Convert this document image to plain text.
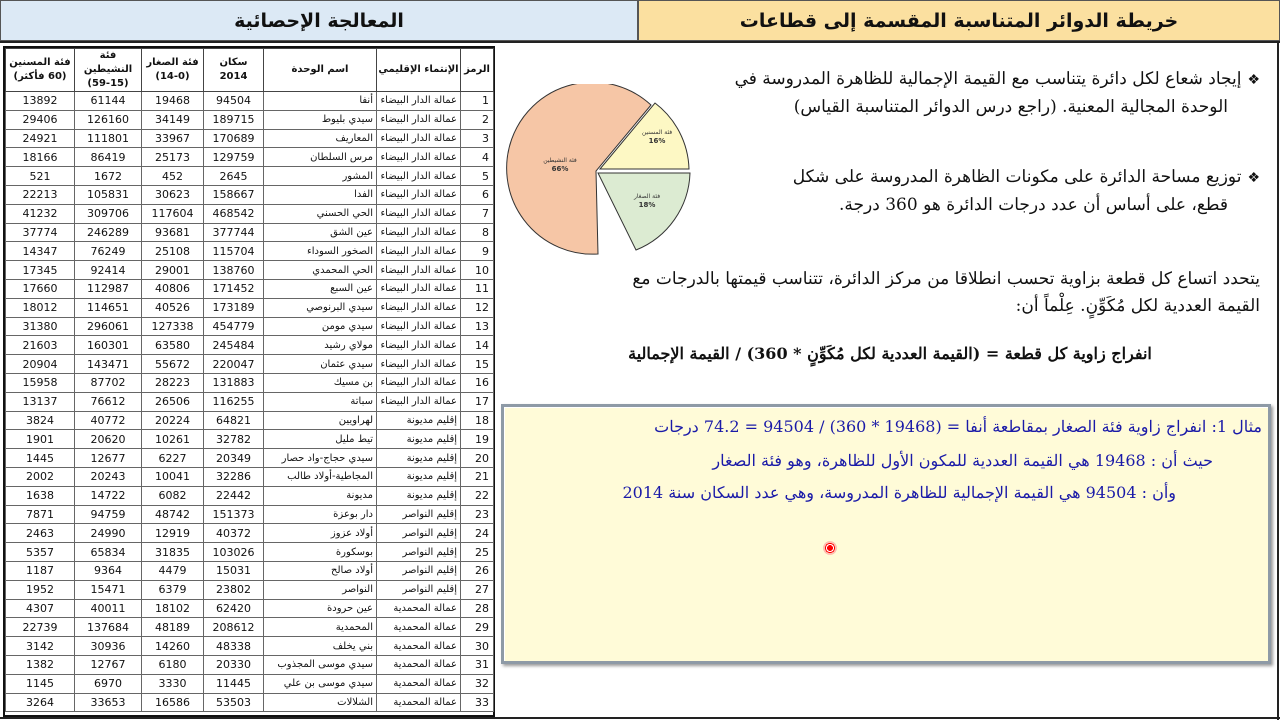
المعالجة الإحصائية	خريطة الدوائر المتناسبة المقسمة إلى قطاعات
الرمز	الإنتماء الإقليمي	اسم الوحدة	سكان 2014	فئة الصغار (0-14)	فئة النشيطين (15-59)	فئة المسنين (60 فأكثر)
1	عمالة الدار البيضاء	أنفا	94504	19468	61144	13892
2	عمالة الدار البيضاء	سيدي بليوط	189715	34149	126160	29406
3	عمالة الدار البيضاء	المعاريف	170689	33967	111801	24921
4	عمالة الدار البيضاء	مرس السلطان	129759	25173	86419	18166
5	عمالة الدار البيضاء	المشور	2645	452	1672	521
6	عمالة الدار البيضاء	الفدا	158667	30623	105831	22213
7	عمالة الدار البيضاء	الحي الحسني	468542	117604	309706	41232
8	عمالة الدار البيضاء	عين الشق	377744	93681	246289	37774
9	عمالة الدار البيضاء	الصخور السوداء	115704	25108	76249	14347
10	عمالة الدار البيضاء	الحي المحمدي	138760	29001	92414	17345
11	عمالة الدار البيضاء	عين السبع	171452	40806	112987	17660
12	عمالة الدار البيضاء	سيدي البرنوصي	173189	40526	114651	18012
13	عمالة الدار البيضاء	سيدي مومن	454779	127338	296061	31380
14	عمالة الدار البيضاء	مولاي رشيد	245484	63580	160301	21603
15	عمالة الدار البيضاء	سيدي عثمان	220047	55672	143471	20904
16	عمالة الدار البيضاء	بن مسيك	131883	28223	87702	15958
17	عمالة الدار البيضاء	سباتة	116255	26506	76612	13137
18	إقليم مديونة	لهراويين	64821	20224	40772	3824
19	إقليم مديونة	تيط مليل	32782	10261	20620	1901
20	إقليم مديونة	سيدي حجاج-واد حصار	20349	6227	12677	1445
21	إقليم مديونة	المجاطية-أولاد طالب	32286	10041	20243	2002
22	إقليم مديونة	مديونة	22442	6082	14722	1638
23	إقليم النواصر	دار بوعزة	151373	48742	94759	7871
24	إقليم النواصر	أولاد عزوز	40372	12919	24990	2463
25	إقليم النواصر	بوسكورة	103026	31835	65834	5357
26	إقليم النواصر	أولاد صالح	15031	4479	9364	1187
27	إقليم النواصر	النواصر	23802	6379	15471	1952
28	عمالة المحمدية	عين حرودة	62420	18102	40011	4307
29	عمالة المحمدية	المحمدية	208612	48189	137684	22739
30	عمالة المحمدية	بني يخلف	48338	14260	30936	3142
31	عمالة المحمدية	سيدي موسى المجذوب	20330	6180	12767	1382
32	عمالة المحمدية	سيدي موسى بن علي	11445	3330	6970	1145
33	عمالة المحمدية	الشلالات	53503	16586	33653	3264
فئة المسنين
16%
فئة الصغار
18%
فئة النشيطين
66%
❖إيجاد شعاع لكل دائرة يتناسب مع القيمة الإجمالية للظاهرة المدروسة في
الوحدة المجالية المعنية. (راجع درس الدوائر المتناسبة القياس)
❖توزيع مساحة الدائرة على مكونات الظاهرة المدروسة على شكل
قطع، على أساس أن عدد درجات الدائرة هو 360 درجة.
يتحدد اتساع كل قطعة بزاوية تحسب انطلاقا من مركز الدائرة، تتناسب قيمتها بالدرجات مع
القيمة العددية لكل مُكَوِّنٍ. عِلْماً أن:
انفراج زاوية كل قطعة = (القيمة العددية لكل مُكَوِّنٍ * 360) / القيمة الإجمالية
مثال 1: انفراج زاوية فئة الصغار بمقاطعة أنفا = (19468 * 360) / 94504 = 74.2 درجات
حيث أن : 19468 هي القيمة العددية للمكون الأول للظاهرة، وهو فئة الصغار
وأن : 94504 هي القيمة الإجمالية للظاهرة المدروسة، وهي عدد السكان سنة 2014
